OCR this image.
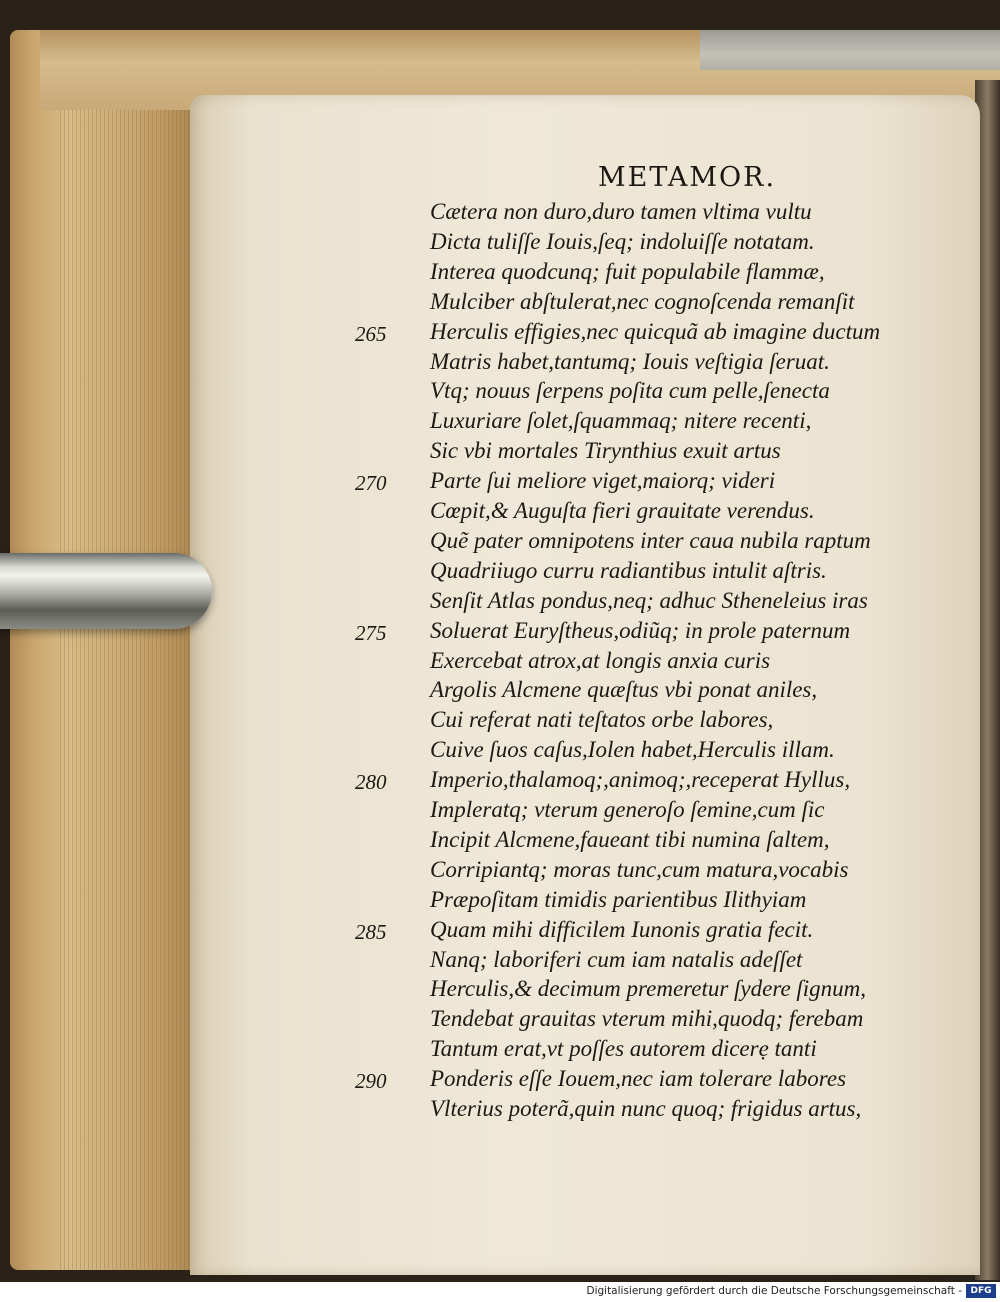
METAMOR.
Cætera non duro,duro tamen vltima vultu
Dicta tuliſſe Iouis,ſeq; indoluiſſe notatam.
Interea quodcunq; fuit populabile flammæ,
Mulciber abſtulerat,nec cognoſcenda remanſit
Herculis effigies,nec quicquã ab imagine ductum
265
Matris habet,tantumq; Iouis veſtigia ſeruat.
Vtq; nouus ſerpens poſita cum pelle,ſenecta
Luxuriare ſolet,ſquammaq; nitere recenti,
Sic vbi mortales Tirynthius exuit artus
Parte ſui meliore viget,maiorq; videri
270
Cœpit,& Auguſta fieri grauitate verendus.
Quẽ pater omnipotens inter caua nubila raptum
Quadriiugo curru radiantibus intulit aſtris.
Senſit Atlas pondus,neq; adhuc Stheneleius iras
Soluerat Euryſtheus,odiũq; in prole paternum
275
Exercebat atrox,at longis anxia curis
Argolis Alcmene quæſtus vbi ponat aniles,
Cui referat nati teſtatos orbe labores,
Cuive ſuos caſus,Iolen habet,Herculis illam.
Imperio,thalamoq;,animoq;,receperat Hyllus,
280
Impleratq; vterum generoſo ſemine,cum ſic
Incipit Alcmene,faueant tibi numina ſaltem,
Corripiantq; moras tunc,cum matura,vocabis
Præpoſitam timidis parientibus Ilithyiam
Quam mihi difficilem Iunonis gratia fecit.
285
Nanq; laboriferi cum iam natalis adeſſet
Herculis,& decimum premeretur ſydere ſignum,
Tendebat grauitas vterum mihi,quodq; ferebam
Tantum erat,vt poſſes autorem dicerẹ tanti
Ponderis eſſe Iouem,nec iam tolerare labores
290
Vlterius poterã,quin nunc quoq; frigidus artus,
Digitalisierung gefördert durch die Deutsche Forschungsgemeinschaft - DFG
